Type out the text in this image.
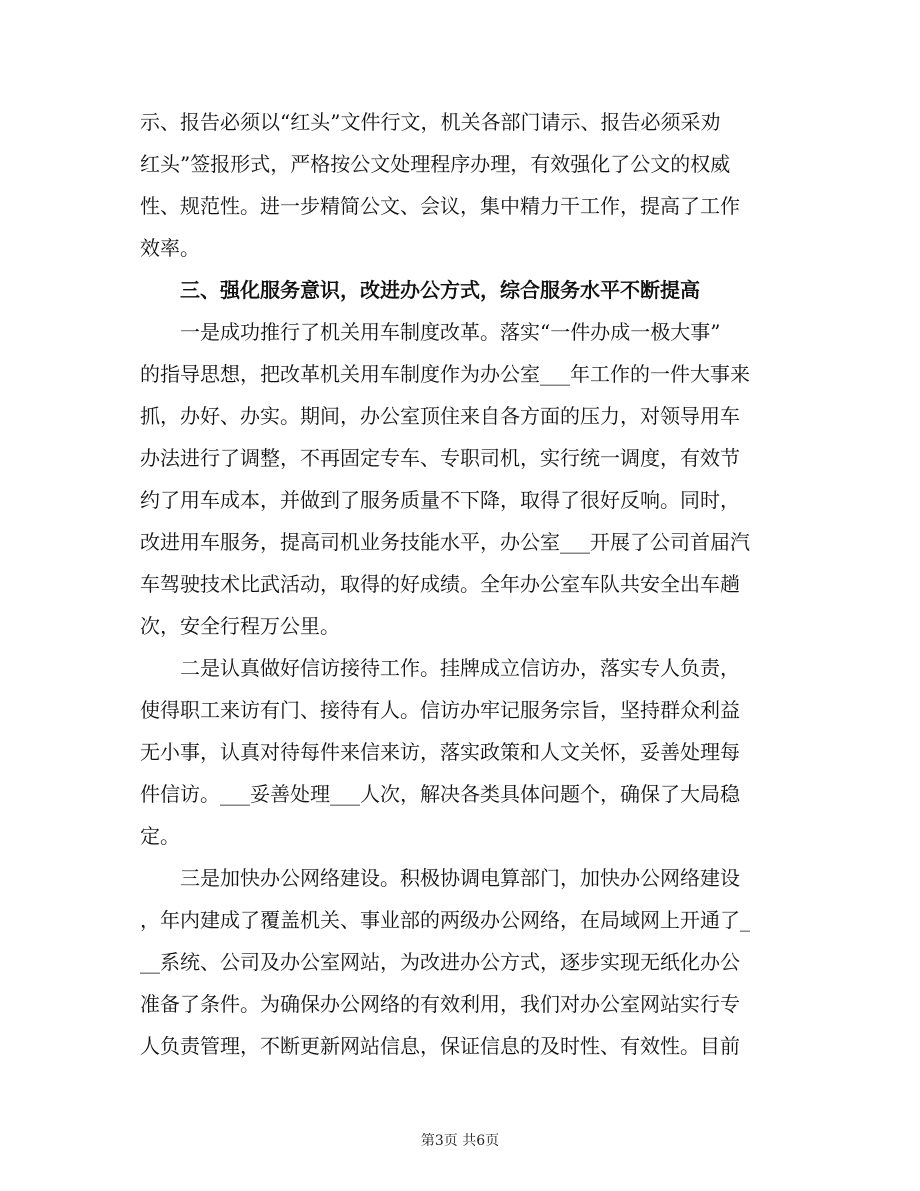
示、报告必须以“红头”文件行文，机关各部门请示、报告必须采劝
红头”签报形式，严格按公文处理程序办理，有效强化了公文的权威
性、规范性。进一步精简公文、会议，集中精力干工作，提高了工作
效率。
三、强化服务意识，改进办公方式，综合服务水平不断提高
一是成功推行了机关用车制度改革。落实“一件办成一极大事”
的指导思想，把改革机关用车制度作为办公室___年工作的一件大事来
抓，办好、办实。期间，办公室顶住来自各方面的压力，对领导用车
办法进行了调整，不再固定专车、专职司机，实行统一调度，有效节
约了用车成本，并做到了服务质量不下降，取得了很好反响。同时，
改进用车服务，提高司机业务技能水平，办公室___开展了公司首届汽
车驾驶技术比武活动，取得的好成绩。全年办公室车队共安全出车趟
次，安全行程万公里。
二是认真做好信访接待工作。挂牌成立信访办，落实专人负责，
使得职工来访有门、接待有人。信访办牢记服务宗旨，坚持群众利益
无小事，认真对待每件来信来访，落实政策和人文关怀，妥善处理每
件信访。___妥善处理___人次，解决各类具体问题个，确保了大局稳
定。
三是加快办公网络建设。积极协调电算部门，加快办公网络建设
，年内建成了覆盖机关、事业部的两级办公网络，在局域网上开通了_
__系统、公司及办公室网站，为改进办公方式，逐步实现无纸化办公
准备了条件。为确保办公网络的有效利用，我们对办公室网站实行专
人负责管理，不断更新网站信息，保证信息的及时性、有效性。目前
第3页 共6页
